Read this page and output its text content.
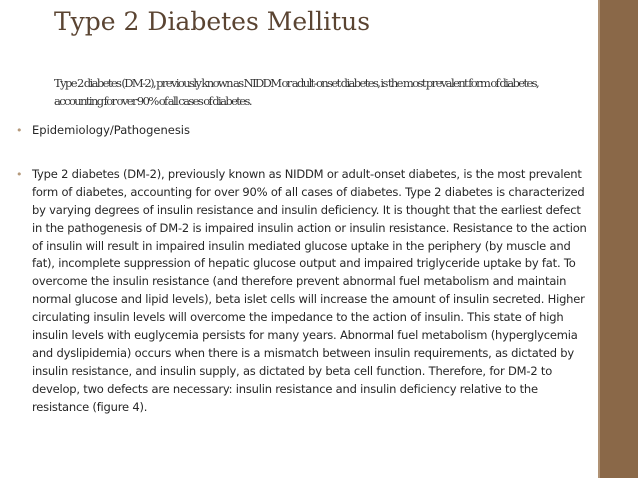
Type 2 Diabetes Mellitus

Type 2 diabetes (DM-2), previously known as NIDDM or adult-onset diabetes, is the most prevalent form of diabetes, accounting for over 90% of all cases of diabetes.

• Epidemiology/Pathogenesis
• Type 2 diabetes (DM-2), previously known as NIDDM or adult-onset diabetes, is the most prevalent form of diabetes, accounting for over 90% of all cases of diabetes. Type 2 diabetes is characterized by varying degrees of insulin resistance and insulin deficiency. It is thought that the earliest defect in the pathogenesis of DM-2 is impaired insulin action or insulin resistance. Resistance to the action of insulin will result in impaired insulin mediated glucose uptake in the periphery (by muscle and fat), incomplete suppression of hepatic glucose output and impaired triglyceride uptake by fat. To overcome the insulin resistance (and therefore prevent abnormal fuel metabolism and maintain normal glucose and lipid levels), beta islet cells will increase the amount of insulin secreted. Higher circulating insulin levels will overcome the impedance to the action of insulin. This state of high insulin levels with euglycemia persists for many years. Abnormal fuel metabolism (hyperglycemia and dyslipidemia) occurs when there is a mismatch between insulin requirements, as dictated by insulin resistance, and insulin supply, as dictated by beta cell function. Therefore, for DM-2 to develop, two defects are necessary: insulin resistance and insulin deficiency relative to the resistance (figure 4).
